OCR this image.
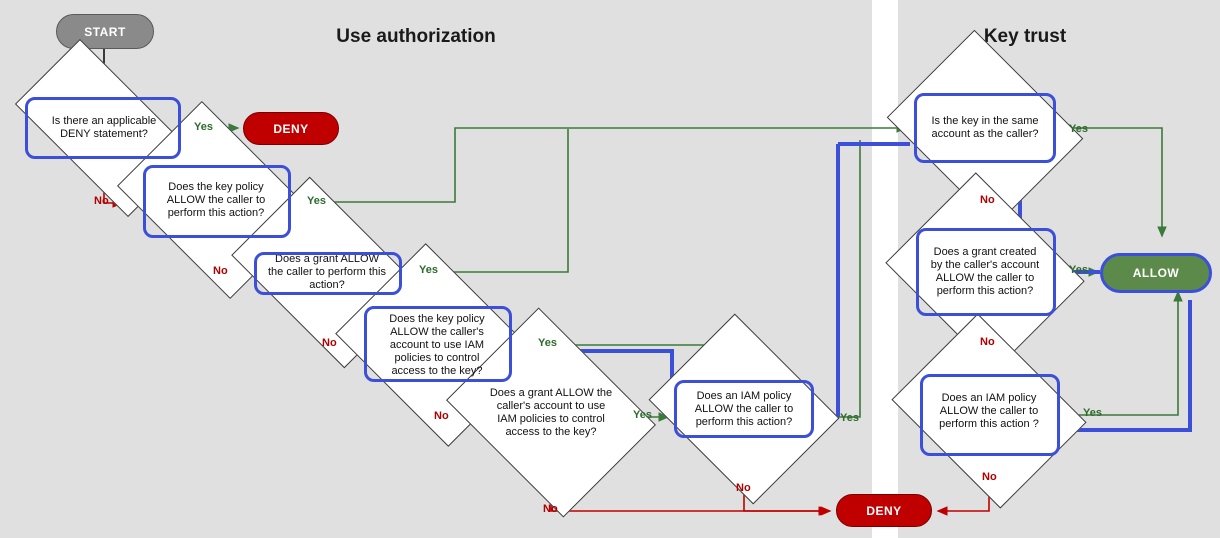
Use authorization	Key trust
START
Is there an applicable DENY statement?	DENY
Does the key policy ALLOW the caller to perform this action?
Does a grant ALLOW the caller to perform this action?
Does the key policy ALLOW the caller's account to use IAM policies to control access to the key?
Does a grant ALLOW the caller's account to use IAM policies to control access to the key?
Does an IAM policy ALLOW the caller to perform this action?
DENY
Is the key in the same account as the caller?
Does a grant created by the caller's account ALLOW the caller to perform this action?
Does an IAM policy ALLOW the caller to perform this action ?
ALLOW
Yes
No	Yes
No	Yes
No	Yes
No	Yes
No
Yes
No
Yes
No
Yes
No
Yes
No
